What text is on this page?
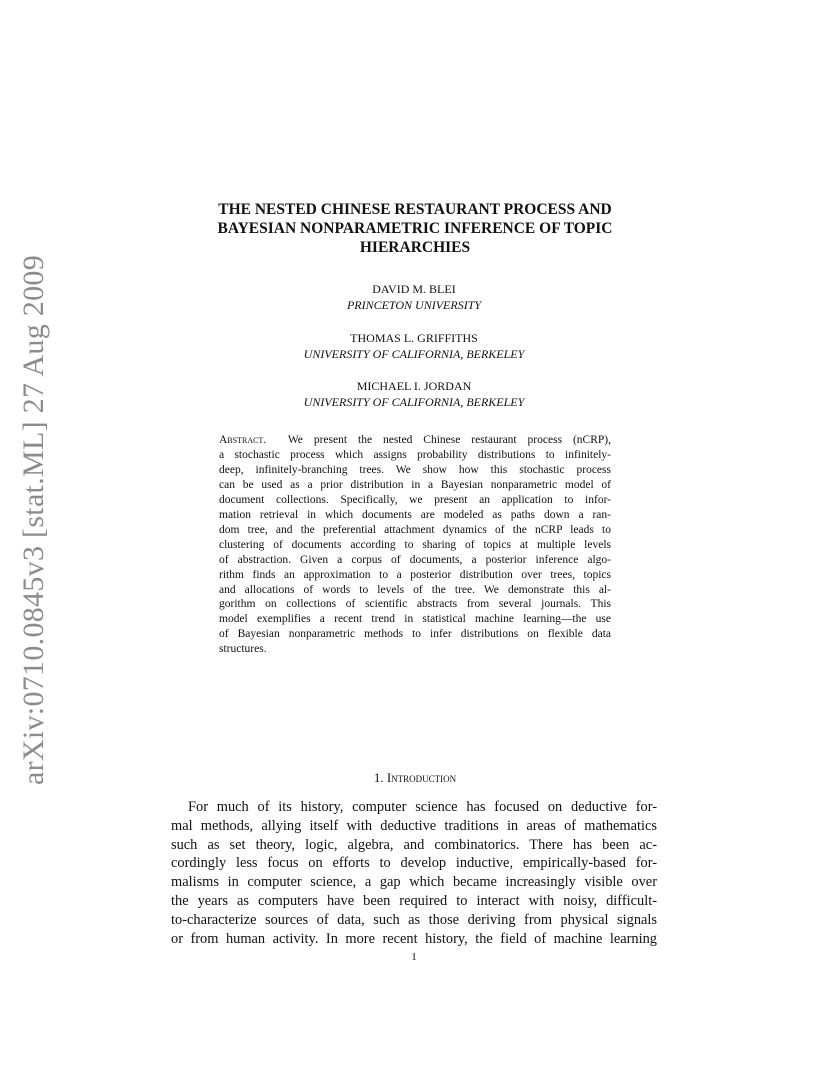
arXiv:0710.0845v3 [stat.ML] 27 Aug 2009
THE NESTED CHINESE RESTAURANT PROCESS AND
BAYESIAN NONPARAMETRIC INFERENCE OF TOPIC
HIERARCHIES
DAVID M. BLEI
PRINCETON UNIVERSITY
THOMAS L. GRIFFITHS
UNIVERSITY OF CALIFORNIA, BERKELEY
MICHAEL I. JORDAN
UNIVERSITY OF CALIFORNIA, BERKELEY
Abstract. We present the nested Chinese restaurant process (nCRP),
a stochastic process which assigns probability distributions to infinitely-
deep, infinitely-branching trees. We show how this stochastic process
can be used as a prior distribution in a Bayesian nonparametric model of
document collections. Specifically, we present an application to infor-
mation retrieval in which documents are modeled as paths down a ran-
dom tree, and the preferential attachment dynamics of the nCRP leads to
clustering of documents according to sharing of topics at multiple levels
of abstraction. Given a corpus of documents, a posterior inference algo-
rithm finds an approximation to a posterior distribution over trees, topics
and allocations of words to levels of the tree. We demonstrate this al-
gorithm on collections of scientific abstracts from several journals. This
model exemplifies a recent trend in statistical machine learning—the use
of Bayesian nonparametric methods to infer distributions on flexible data
structures.
1. Introduction
For much of its history, computer science has focused on deductive for-
mal methods, allying itself with deductive traditions in areas of mathematics
such as set theory, logic, algebra, and combinatorics. There has been ac-
cordingly less focus on efforts to develop inductive, empirically-based for-
malisms in computer science, a gap which became increasingly visible over
the years as computers have been required to interact with noisy, difficult-
to-characterize sources of data, such as those deriving from physical signals
or from human activity. In more recent history, the field of machine learning
1
